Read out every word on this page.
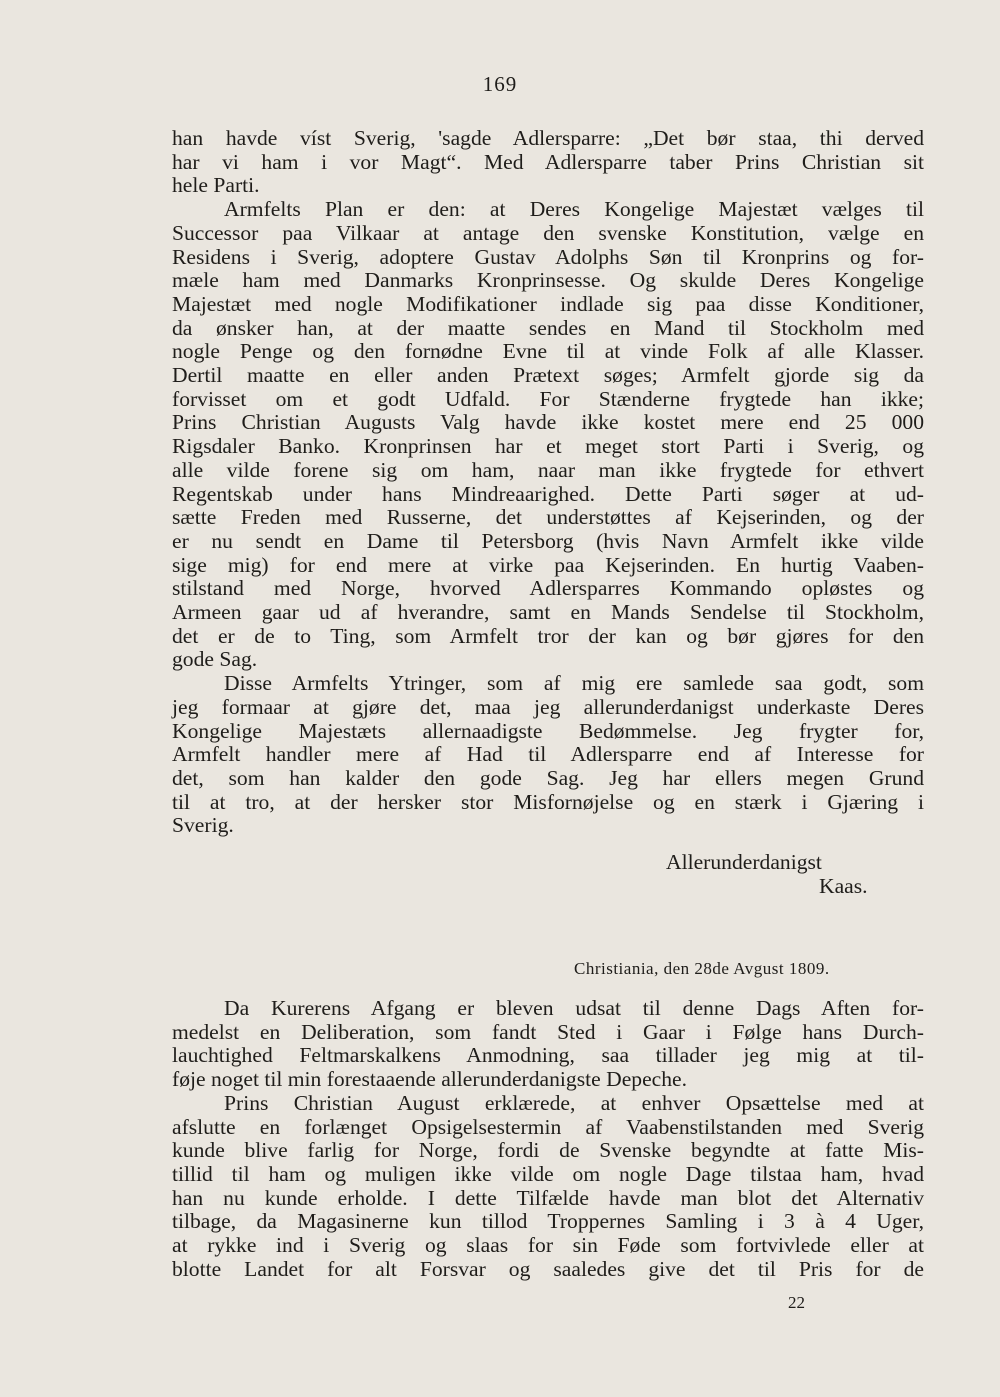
169
han havde víst Sverig, 'sagde Adlersparre: „Det bør staa, thi derved
har vi ham i vor Magt“. Med Adlersparre taber Prins Christian sit
hele Parti.
Armfelts Plan er den: at Deres Kongelige Majestæt vælges til
Successor paa Vilkaar at antage den svenske Konstitution, vælge en
Residens i Sverig, adoptere Gustav Adolphs Søn til Kronprins og for-
mæle ham med Danmarks Kronprinsesse. Og skulde Deres Kongelige
Majestæt med nogle Modifikationer indlade sig paa disse Konditioner,
da ønsker han, at der maatte sendes en Mand til Stockholm med
nogle Penge og den fornødne Evne til at vinde Folk af alle Klasser.
Dertil maatte en eller anden Prætext søges; Armfelt gjorde sig da
forvisset om et godt Udfald. For Stænderne frygtede han ikke;
Prins Christian Augusts Valg havde ikke kostet mere end 25 000
Rigsdaler Banko. Kronprinsen har et meget stort Parti i Sverig, og
alle vilde forene sig om ham, naar man ikke frygtede for ethvert
Regentskab under hans Mindreaarighed. Dette Parti søger at ud-
sætte Freden med Russerne, det understøttes af Kejserinden, og der
er nu sendt en Dame til Petersborg (hvis Navn Armfelt ikke vilde
sige mig) for end mere at virke paa Kejserinden. En hurtig Vaaben-
stilstand med Norge, hvorved Adlersparres Kommando opløstes og
Armeen gaar ud af hverandre, samt en Mands Sendelse til Stockholm,
det er de to Ting, som Armfelt tror der kan og bør gjøres for den
gode Sag.
Disse Armfelts Ytringer, som af mig ere samlede saa godt, som
jeg formaar at gjøre det, maa jeg allerunderdanigst underkaste Deres
Kongelige Majestæts allernaadigste Bedømmelse. Jeg frygter for,
Armfelt handler mere af Had til Adlersparre end af Interesse for
det, som han kalder den gode Sag. Jeg har ellers megen Grund
til at tro, at der hersker stor Misfornøjelse og en stærk i Gjæring i
Sverig.
Allerunderdanigst
Kaas.
Christiania, den 28de Avgust 1809.
Da Kurerens Afgang er bleven udsat til denne Dags Aften for-
medelst en Deliberation, som fandt Sted i Gaar i Følge hans Durch-
lauchtighed Feltmarskalkens Anmodning, saa tillader jeg mig at til-
føje noget til min forestaaende allerunderdanigste Depeche.
Prins Christian August erklærede, at enhver Opsættelse med at
afslutte en forlænget Opsigelsestermin af Vaabenstilstanden med Sverig
kunde blive farlig for Norge, fordi de Svenske begyndte at fatte Mis-
tillid til ham og muligen ikke vilde om nogle Dage tilstaa ham, hvad
han nu kunde erholde. I dette Tilfælde havde man blot det Alternativ
tilbage, da Magasinerne kun tillod Troppernes Samling i 3 à 4 Uger,
at rykke ind i Sverig og slaas for sin Føde som fortvivlede eller at
blotte Landet for alt Forsvar og saaledes give det til Pris for de
22
